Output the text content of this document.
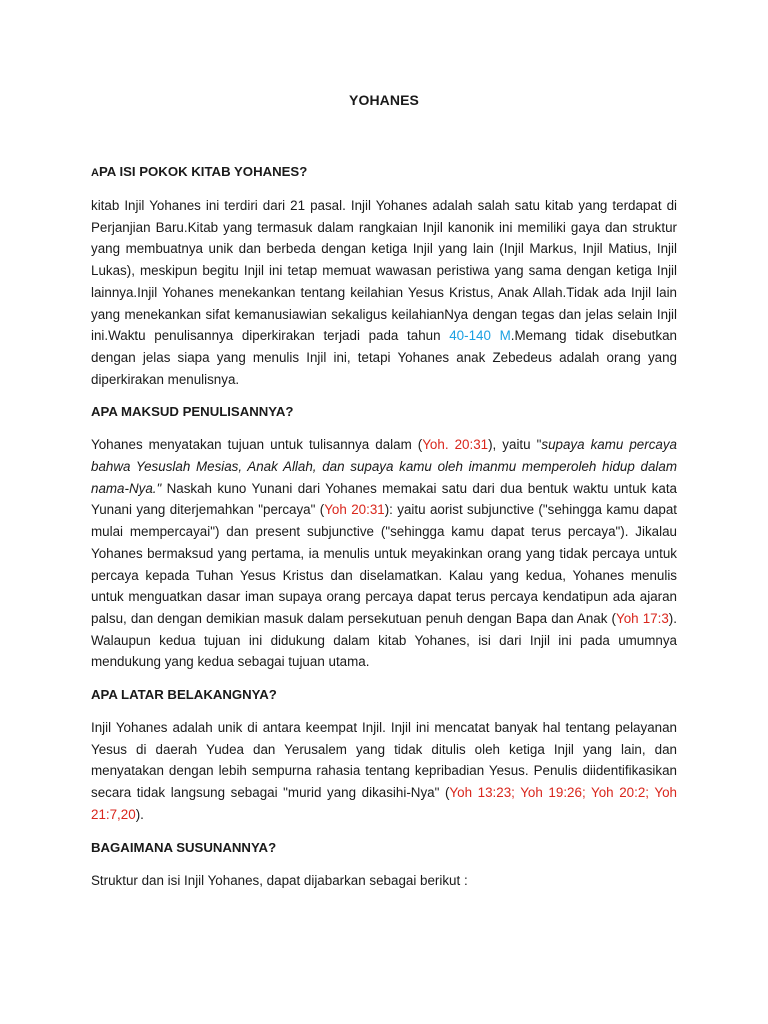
YOHANES
APA ISI POKOK KITAB YOHANES?

kitab Injil Yohanes ini terdiri dari 21 pasal. Injil Yohanes adalah salah satu kitab yang terdapat di Perjanjian Baru.Kitab yang termasuk dalam rangkaian Injil kanonik ini memiliki gaya dan struktur yang membuatnya unik dan berbeda dengan ketiga Injil yang lain (Injil Markus, Injil Matius, Injil Lukas), meskipun begitu Injil ini tetap memuat wawasan peristiwa yang sama dengan ketiga Injil lainnya.Injil Yohanes menekankan tentang keilahian Yesus Kristus, Anak Allah.Tidak ada Injil lain yang menekankan sifat kemanusiawian sekaligus keilahianNya dengan tegas dan jelas selain Injil ini.Waktu penulisannya diperkirakan terjadi pada tahun 40-140 M.Memang tidak disebutkan dengan jelas siapa yang menulis Injil ini, tetapi Yohanes anak Zebedeus adalah orang yang diperkirakan menulisnya.

APA MAKSUD PENULISANNYA?

Yohanes menyatakan tujuan untuk tulisannya dalam (Yoh. 20:31), yaitu "supaya kamu percaya bahwa Yesuslah Mesias, Anak Allah, dan supaya kamu oleh imanmu memperoleh hidup dalam nama-Nya." Naskah kuno Yunani dari Yohanes memakai satu dari dua bentuk waktu untuk kata Yunani yang diterjemahkan "percaya" (Yoh 20:31): yaitu aorist subjunctive ("sehingga kamu dapat mulai mempercayai") dan present subjunctive ("sehingga kamu dapat terus percaya"). Jikalau Yohanes bermaksud yang pertama, ia menulis untuk meyakinkan orang yang tidak percaya untuk percaya kepada Tuhan Yesus Kristus dan diselamatkan. Kalau yang kedua, Yohanes menulis untuk menguatkan dasar iman supaya orang percaya dapat terus percaya kendatipun ada ajaran palsu, dan dengan demikian masuk dalam persekutuan penuh dengan Bapa dan Anak (Yoh 17:3). Walaupun kedua tujuan ini didukung dalam kitab Yohanes, isi dari Injil ini pada umumnya mendukung yang kedua sebagai tujuan utama.

APA LATAR BELAKANGNYA?

Injil Yohanes adalah unik di antara keempat Injil. Injil ini mencatat banyak hal tentang pelayanan Yesus di daerah Yudea dan Yerusalem yang tidak ditulis oleh ketiga Injil yang lain, dan menyatakan dengan lebih sempurna rahasia tentang kepribadian Yesus. Penulis diidentifikasikan secara tidak langsung sebagai "murid yang dikasihi-Nya" (Yoh 13:23; Yoh 19:26; Yoh 20:2; Yoh 21:7,20).

BAGAIMANA SUSUNANNYA?

Struktur dan isi Injil Yohanes, dapat dijabarkan sebagai berikut :
